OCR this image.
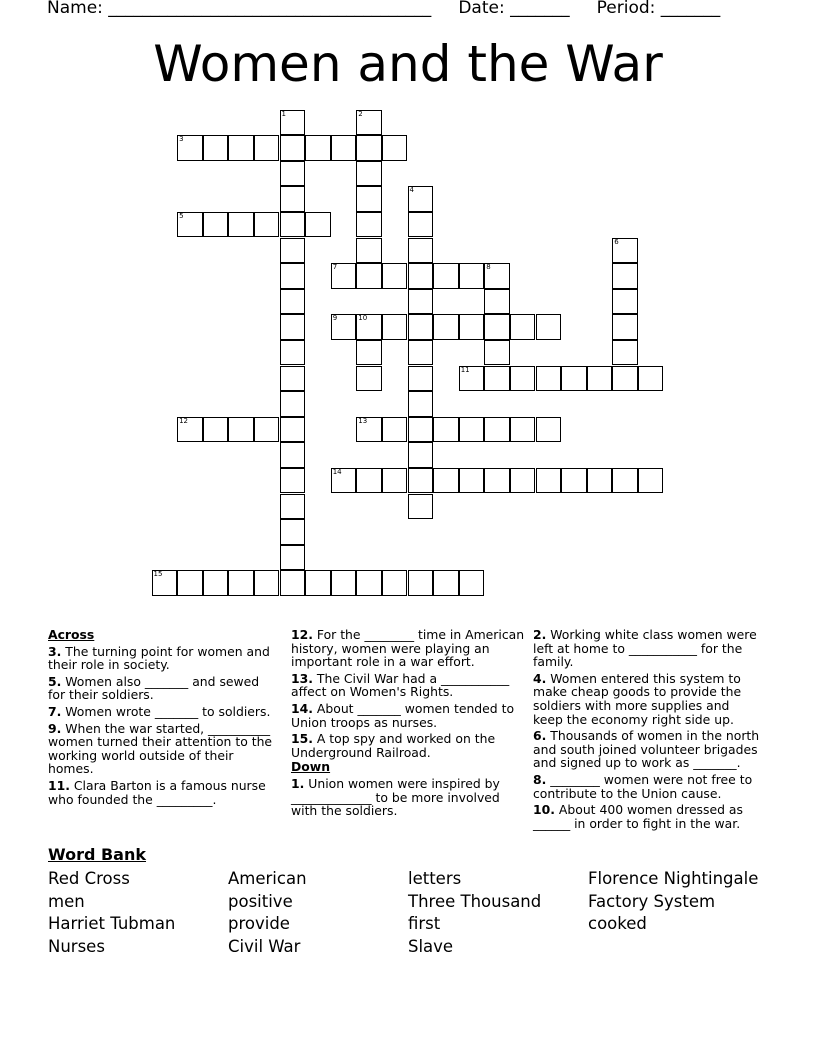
Name: ______________________________________ Date: _______ Period: _______
Women and the War
1	2
3
4
5
6
7	8
9	10
11
12	13
14
15
Across
3. The turning point for women and their role in society.
5. Women also _______ and sewed for their soldiers.
7. Women wrote _______ to soldiers.
9. When the war started, __________ women turned their attention to the working world outside of their homes.
11. Clara Barton is a famous nurse who founded the _________.
12. For the ________ time in American history, women were playing an important role in a war effort.
13. The Civil War had a ___________ affect on Women's Rights.
14. About _______ women tended to Union troops as nurses.
15. A top spy and worked on the Underground Railroad.
Down
1. Union women were inspired by _____________ to be more involved with the soldiers.
2. Working white class women were left at home to ___________ for the family.
4. Women entered this system to make cheap goods to provide the soldiers with more supplies and keep the economy right side up.
6. Thousands of women in the north and south joined volunteer brigades and signed up to work as _______.
8. ________ women were not free to contribute to the Union cause.
10. About 400 women dressed as ______ in order to fight in the war.
Word Bank
Red Cross
men
Harriet Tubman
Nurses
American
positive
provide
Civil War
letters
Three Thousand
first
Slave
Florence Nightingale
Factory System
cooked
